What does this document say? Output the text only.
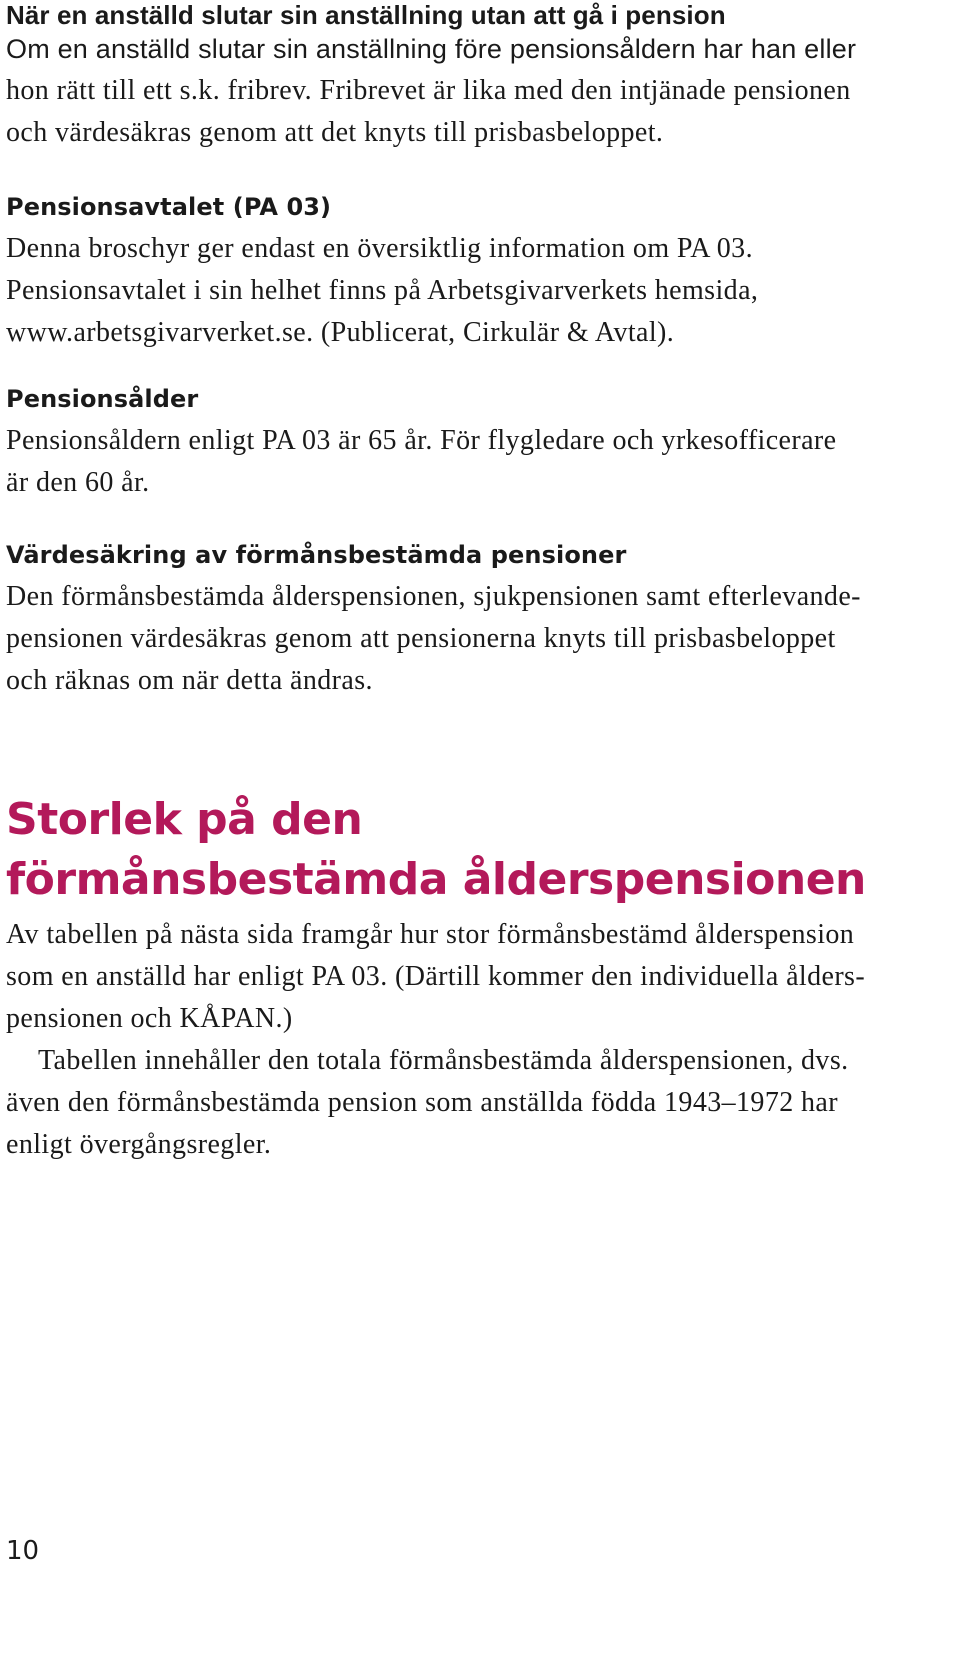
När en anställd slutar sin anställning utan att gå i pension

Om en anställd slutar sin anställning före pensionsåldern har han eller

hon rätt till ett s.k. fribrev. Fribrevet är lika med den intjänade pensionen

och värdesäkras genom att det knyts till prisbasbeloppet.

Pensionsavtalet (PA 03)

Denna broschyr ger endast en översiktlig information om PA 03.

Pensionsavtalet i sin helhet finns på Arbetsgivarverkets hemsida,

www.arbetsgivarverket.se. (Publicerat, Cirkulär & Avtal).

Pensionsålder

Pensionsåldern enligt PA 03 är 65 år. För flygledare och yrkesofficerare

är den 60 år.

Värdesäkring av förmånsbestämda pensioner

Den förmånsbestämda ålderspensionen, sjukpensionen samt efterlevande-

pensionen värdesäkras genom att pensionerna knyts till prisbasbeloppet

och räknas om när detta ändras.

Storlek på den
förmånsbestämda ålderspensionen

Av tabellen på nästa sida framgår hur stor förmånsbestämd ålderspension

som en anställd har enligt PA 03. (Därtill kommer den individuella ålders-

pensionen och KÅPAN.)

Tabellen innehåller den totala förmånsbestämda ålderspensionen, dvs.

även den förmånsbestämda pension som anställda födda 1943–1972 har

enligt övergångsregler.

10
